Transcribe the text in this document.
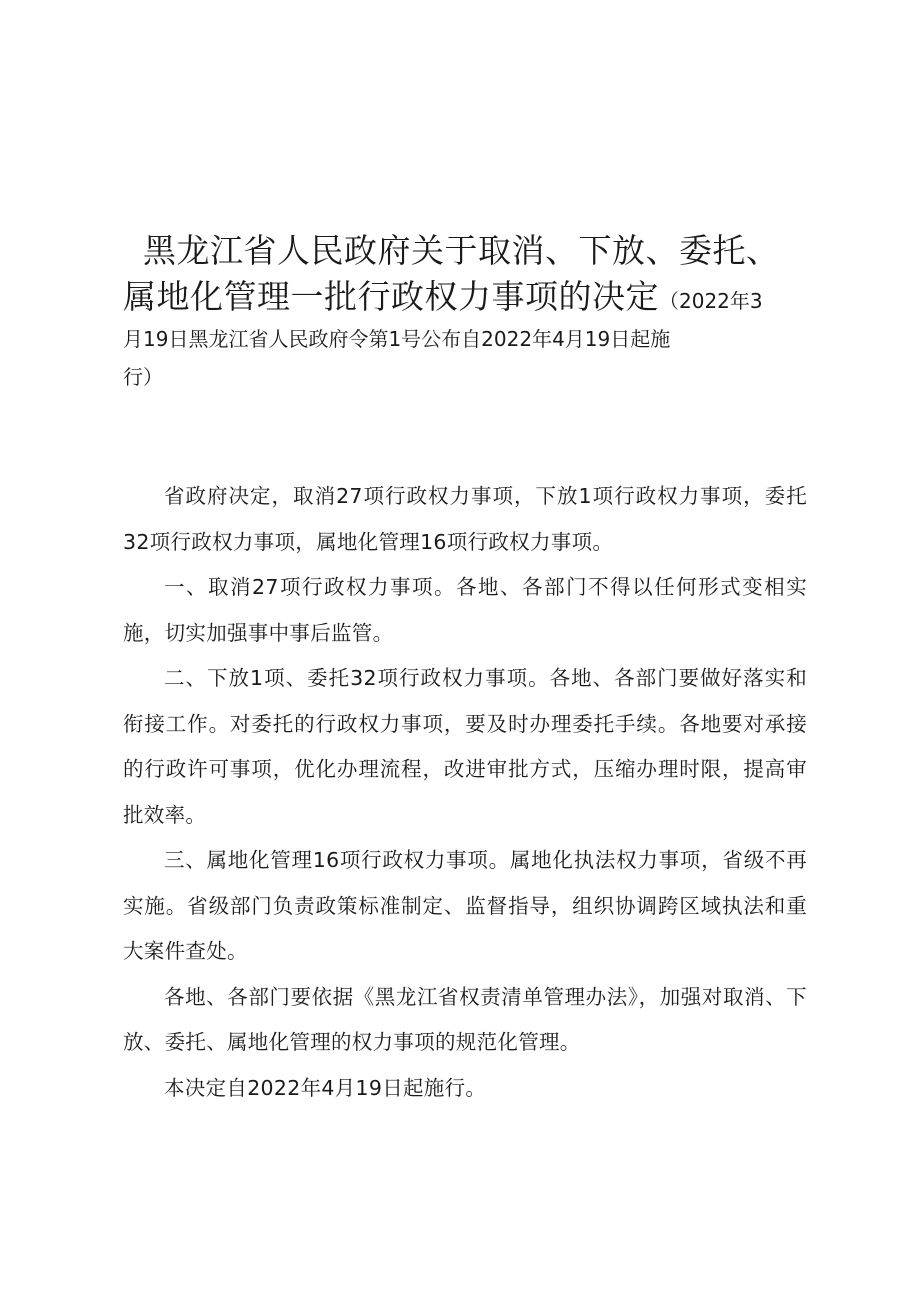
黑龙江省人民政府关于取消、下放、委托、
属地化管理一批行政权力事项的决定（2022年3
月19日黑龙江省人民政府令第1号公布自2022年4月19日起施
行）

省政府决定，取消27项行政权力事项，下放1项行政权力事项，委托32项行政权力事项，属地化管理16项行政权力事项。

一、取消27项行政权力事项。各地、各部门不得以任何形式变相实施，切实加强事中事后监管。

二、下放1项、委托32项行政权力事项。各地、各部门要做好落实和衔接工作。对委托的行政权力事项，要及时办理委托手续。各地要对承接的行政许可事项，优化办理流程，改进审批方式，压缩办理时限，提高审批效率。

三、属地化管理16项行政权力事项。属地化执法权力事项，省级不再实施。省级部门负责政策标准制定、监督指导，组织协调跨区域执法和重大案件查处。

各地、各部门要依据《黑龙江省权责清单管理办法》，加强对取消、下放、委托、属地化管理的权力事项的规范化管理。

本决定自2022年4月19日起施行。
